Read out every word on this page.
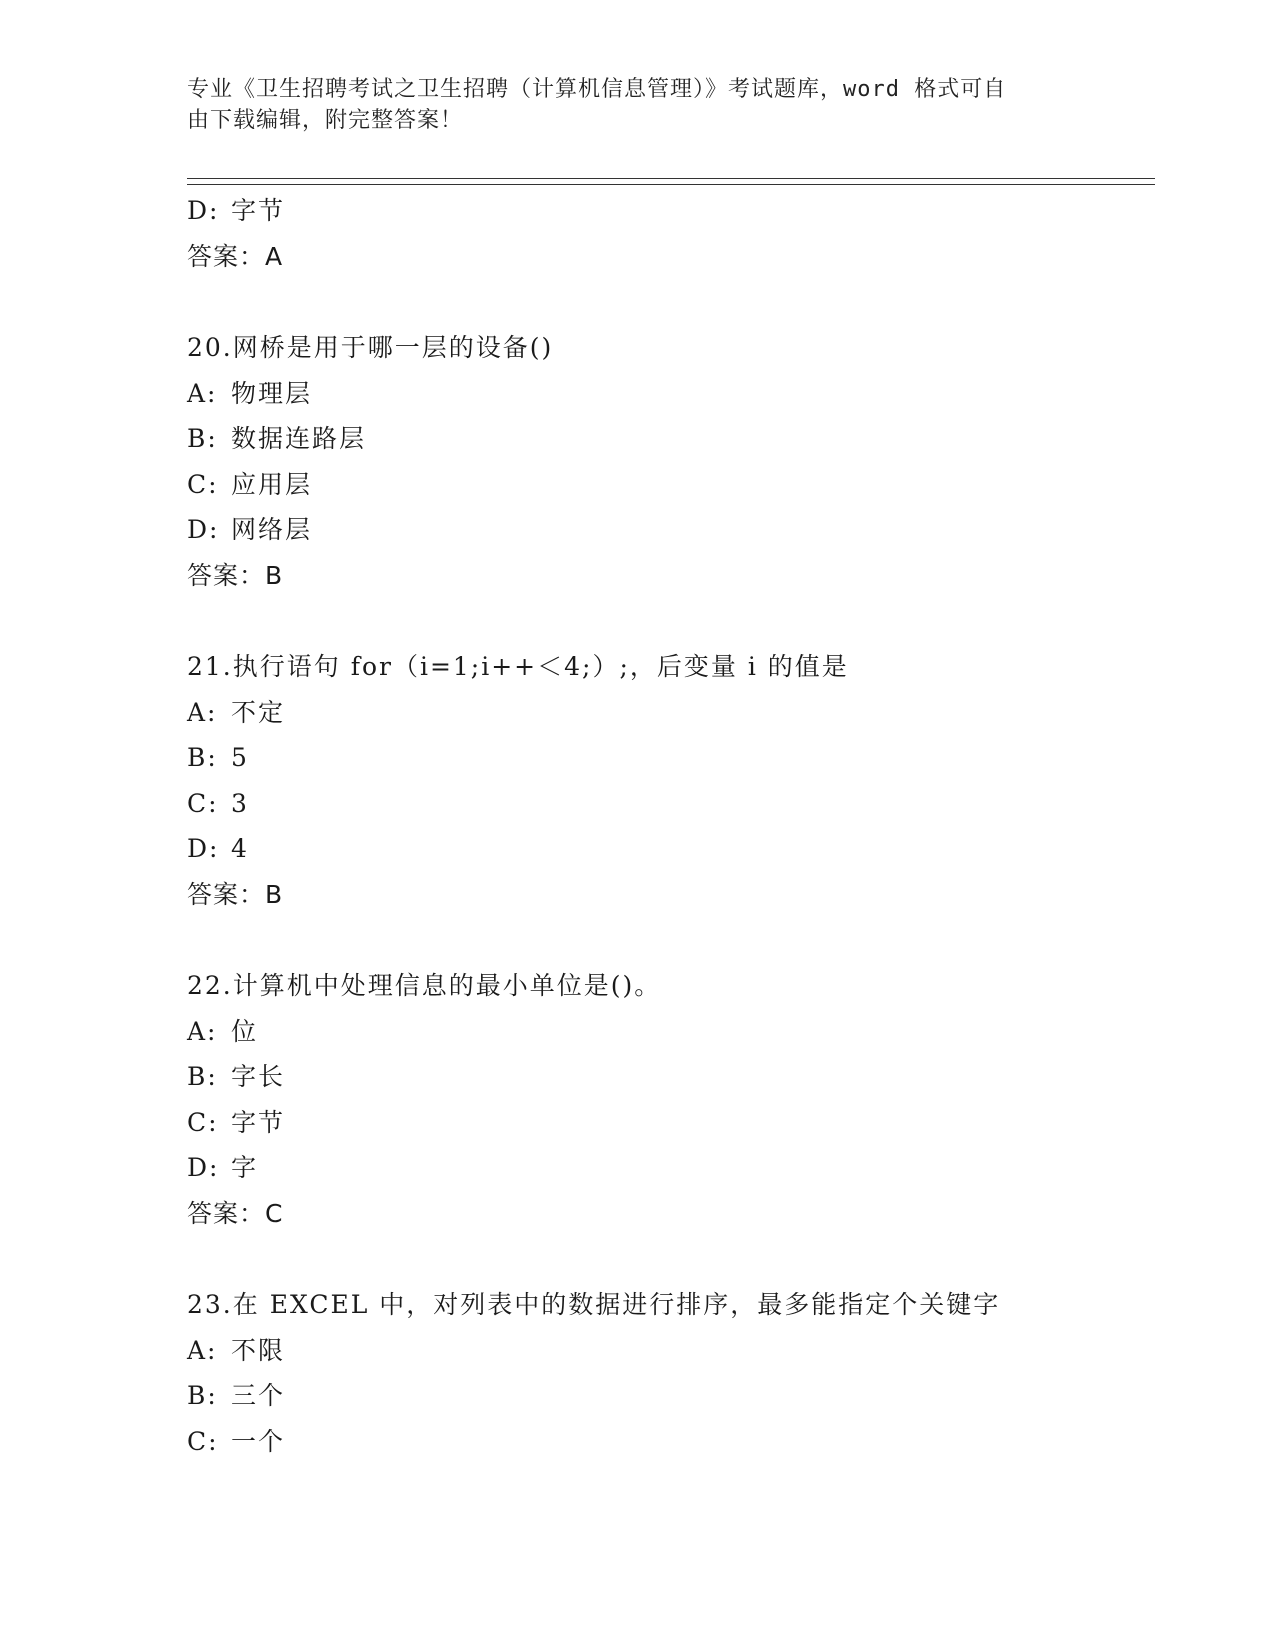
专业《卫生招聘考试之卫生招聘（计算机信息管理）》考试题库，word 格式可自
由下载编辑，附完整答案！
D: 字节
答案：A
20.网桥是用于哪一层的设备()
A: 物理层
B: 数据连路层
C: 应用层
D: 网络层
答案：B
21.执行语句 for（i=1;i++＜4;）;，后变量 i 的值是
A: 不定
B: 5
C: 3
D: 4
答案：B
22.计算机中处理信息的最小单位是()。
A: 位
B: 字长
C: 字节
D: 字
答案：C
23.在 EXCEL 中，对列表中的数据进行排序，最多能指定个关键字
A: 不限
B: 三个
C: 一个
